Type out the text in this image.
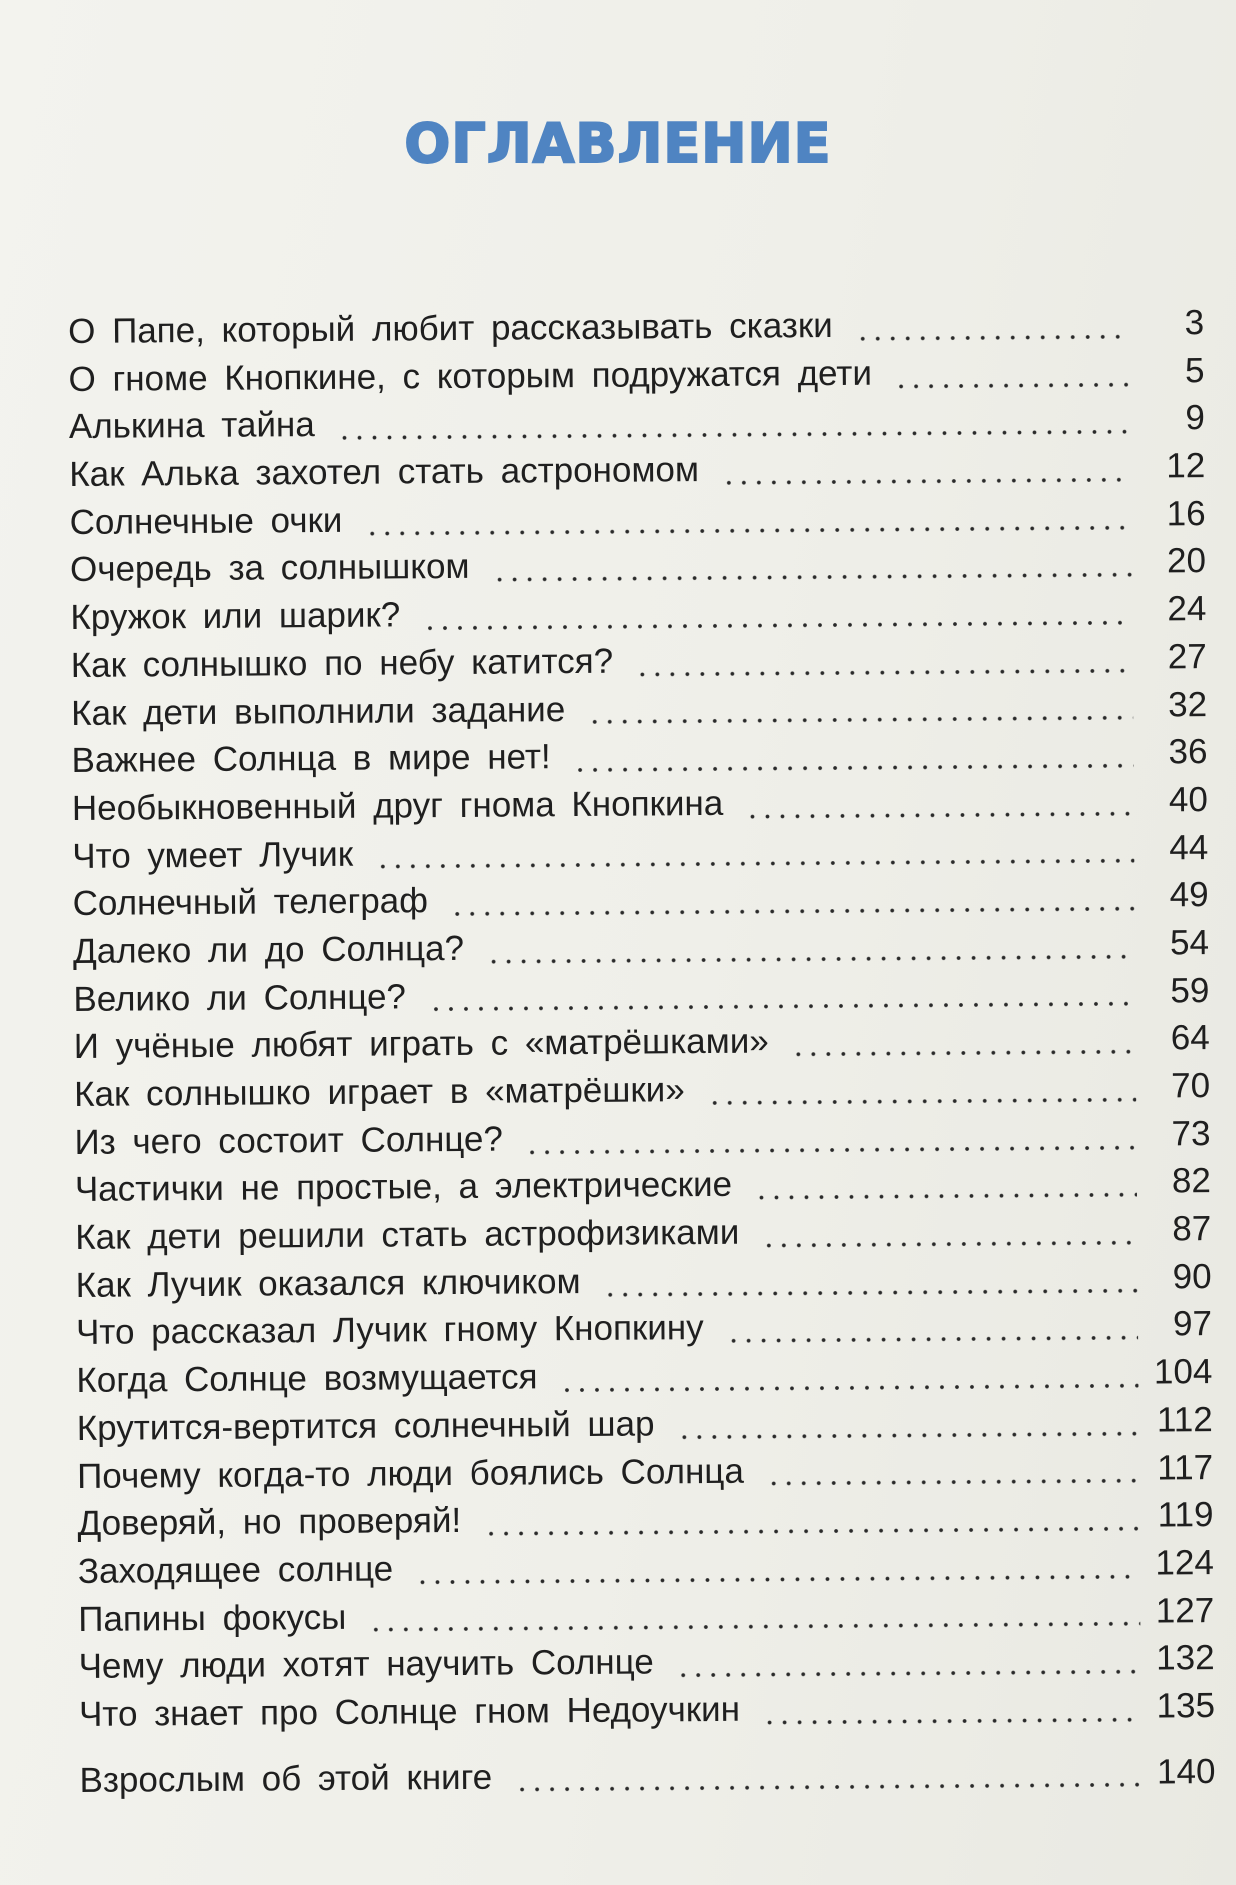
ОГЛАВЛЕНИЕ
О Папе, который любит рассказывать сказки	3
О гноме Кнопкине, с которым подружатся дети	5
Алькина тайна	9
Как Алька захотел стать астрономом	12
Солнечные очки	16
Очередь за солнышком	20
Кружок или шарик?	24
Как солнышко по небу катится?	27
Как дети выполнили задание	32
Важнее Солнца в мире нет!	36
Необыкновенный друг гнома Кнопкина	40
Что умеет Лучик	44
Солнечный телеграф	49
Далеко ли до Солнца?	54
Велико ли Солнце?	59
И учёные любят играть с «матрёшками»	64
Как солнышко играет в «матрёшки»	70
Из чего состоит Солнце?	73
Частички не простые, а электрические	82
Как дети решили стать астрофизиками	87
Как Лучик оказался ключиком	90
Что рассказал Лучик гному Кнопкину	97
Когда Солнце возмущается	104
Крутится-вертится солнечный шар	112
Почему когда-то люди боялись Солнца	117
Доверяй, но проверяй!	119
Заходящее солнце	124
Папины фокусы	127
Чему люди хотят научить Солнце	132
Что знает про Солнце гном Недоучкин	135
Взрослым об этой книге	140
